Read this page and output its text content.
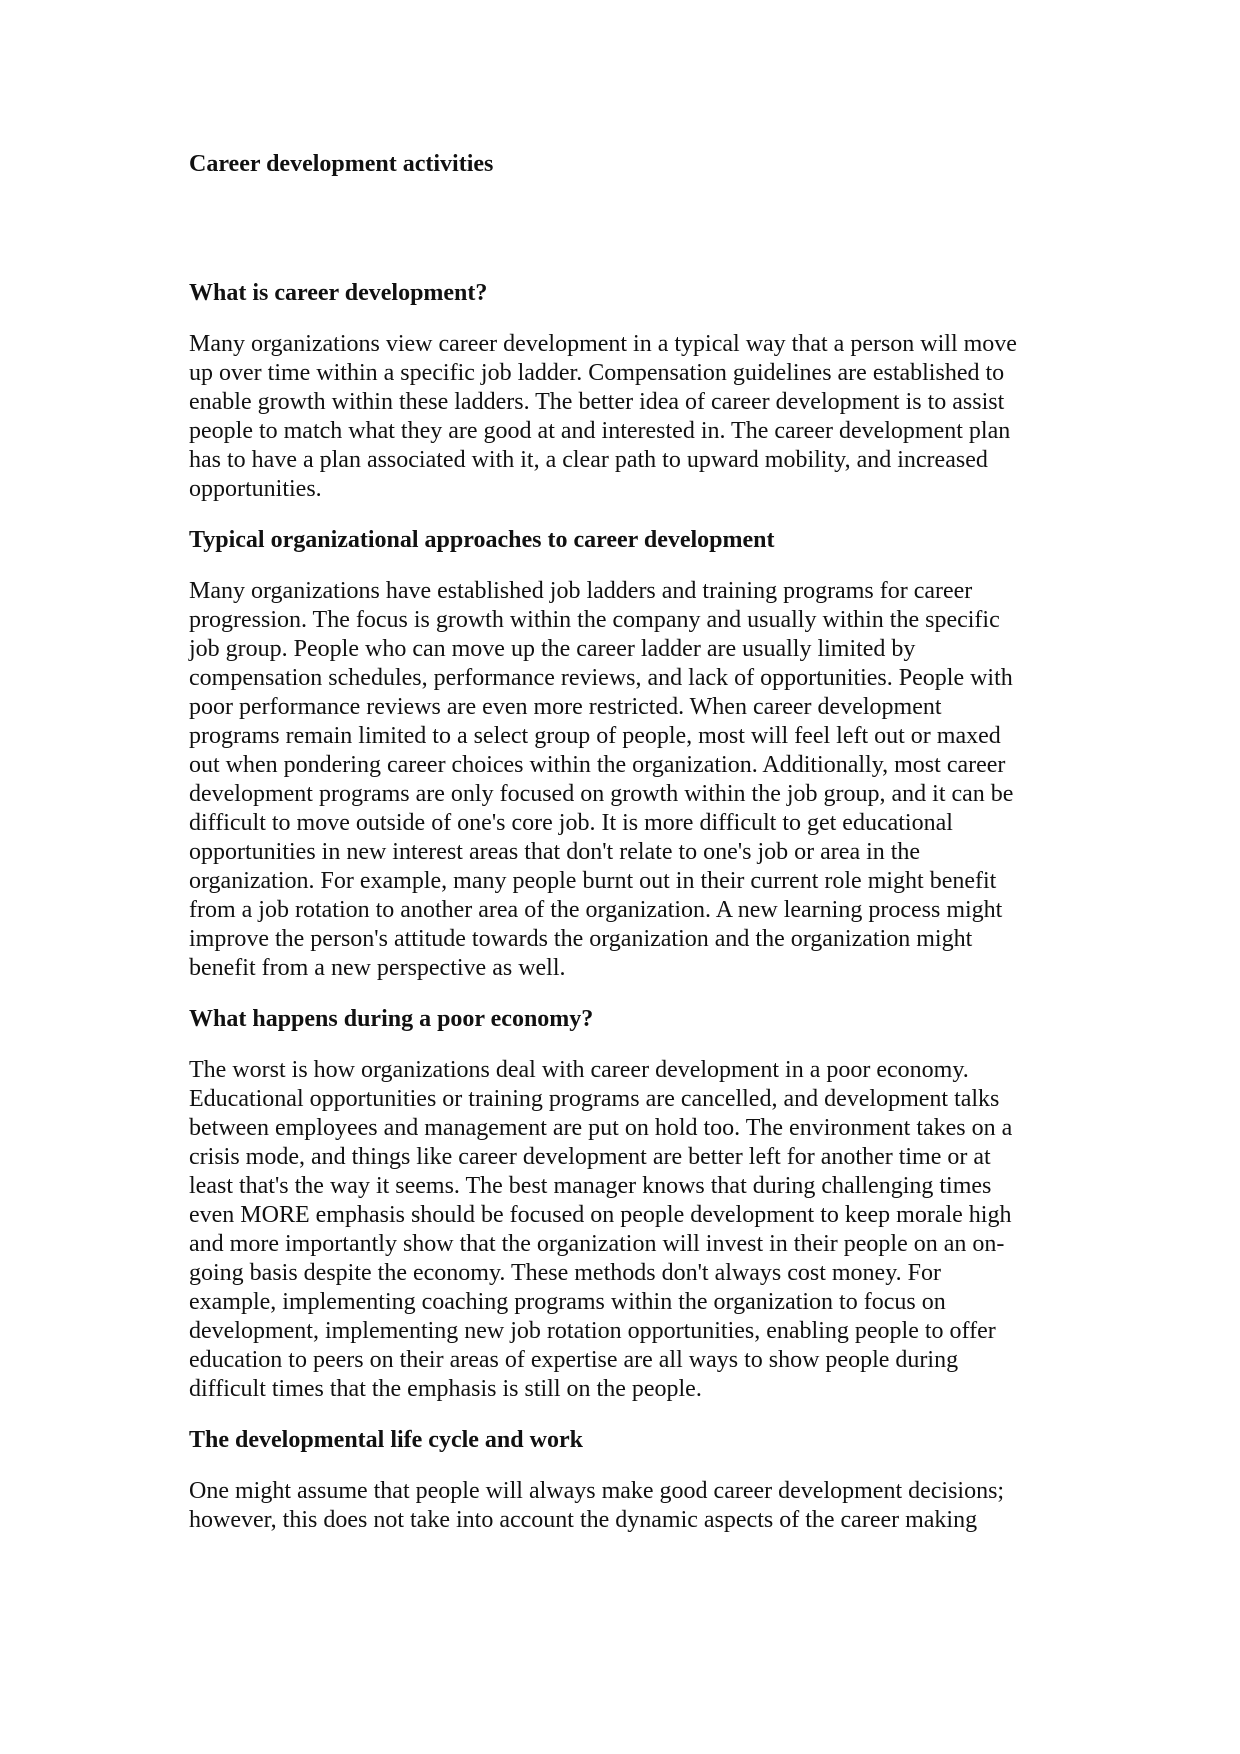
Career development activities
What is career development?

Many organizations view career development in a typical way that a person will move
up over time within a specific job ladder. Compensation guidelines are established to
enable growth within these ladders. The better idea of career development is to assist
people to match what they are good at and interested in. The career development plan
has to have a plan associated with it, a clear path to upward mobility, and increased
opportunities.

Typical organizational approaches to career development

Many organizations have established job ladders and training programs for career
progression. The focus is growth within the company and usually within the specific
job group. People who can move up the career ladder are usually limited by
compensation schedules, performance reviews, and lack of opportunities. People with
poor performance reviews are even more restricted. When career development
programs remain limited to a select group of people, most will feel left out or maxed
out when pondering career choices within the organization. Additionally, most career
development programs are only focused on growth within the job group, and it can be
difficult to move outside of one's core job. It is more difficult to get educational
opportunities in new interest areas that don't relate to one's job or area in the
organization. For example, many people burnt out in their current role might benefit
from a job rotation to another area of the organization. A new learning process might
improve the person's attitude towards the organization and the organization might
benefit from a new perspective as well.

What happens during a poor economy?

The worst is how organizations deal with career development in a poor economy.
Educational opportunities or training programs are cancelled, and development talks
between employees and management are put on hold too. The environment takes on a
crisis mode, and things like career development are better left for another time or at
least that's the way it seems. The best manager knows that during challenging times
even MORE emphasis should be focused on people development to keep morale high
and more importantly show that the organization will invest in their people on an on-
going basis despite the economy. These methods don't always cost money. For
example, implementing coaching programs within the organization to focus on
development, implementing new job rotation opportunities, enabling people to offer
education to peers on their areas of expertise are all ways to show people during
difficult times that the emphasis is still on the people.

The developmental life cycle and work

One might assume that people will always make good career development decisions;
however, this does not take into account the dynamic aspects of the career making
